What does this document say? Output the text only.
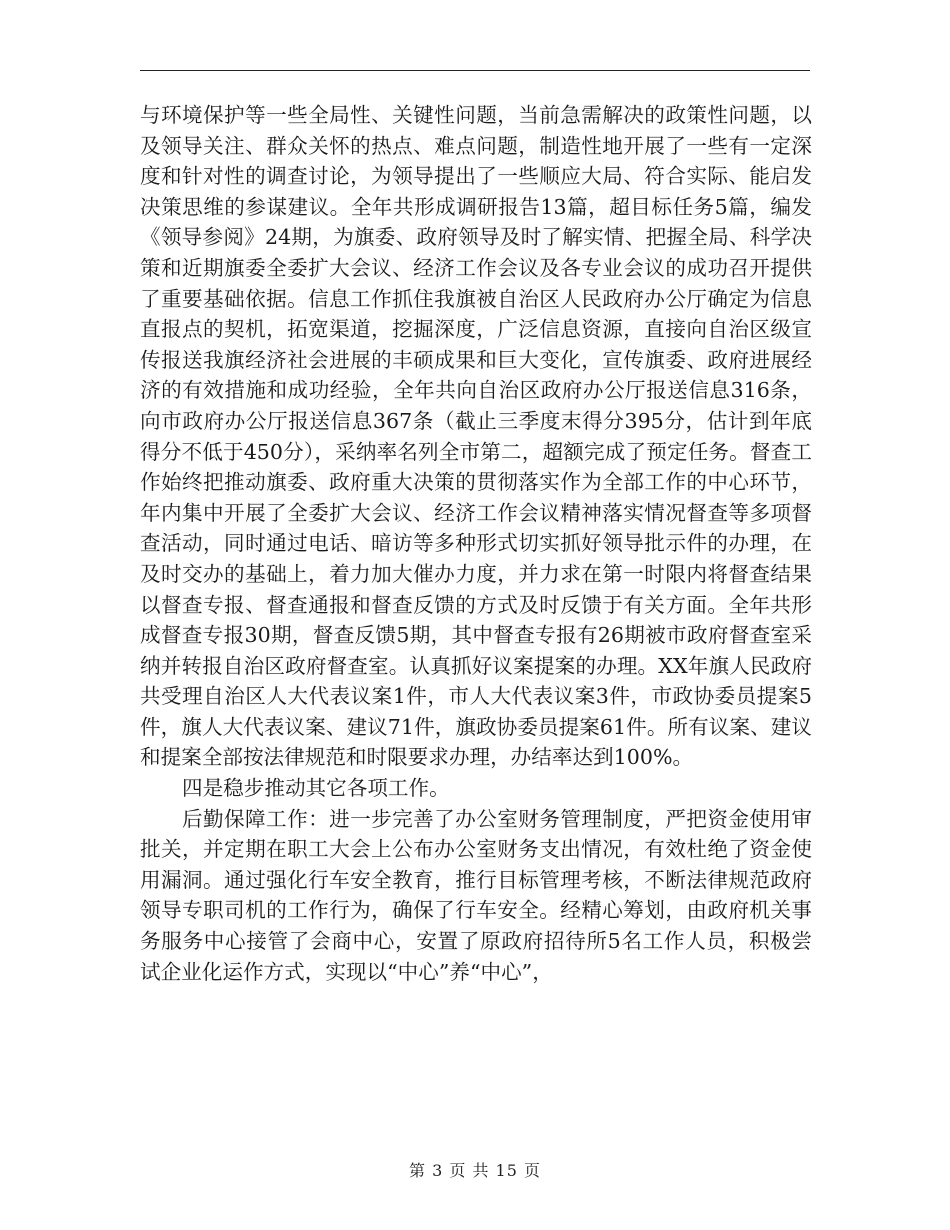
与环境保护等一些全局性、关键性问题，当前急需解决的政策性问题，以及领导关注、群众关怀的热点、难点问题，制造性地开展了一些有一定深度和针对性的调查讨论，为领导提出了一些顺应大局、符合实际、能启发决策思维的参谋建议。全年共形成调研报告13篇，超目标任务5篇，编发《领导参阅》24期，为旗委、政府领导及时了解实情、把握全局、科学决策和近期旗委全委扩大会议、经济工作会议及各专业会议的成功召开提供了重要基础依据。信息工作抓住我旗被自治区人民政府办公厅确定为信息直报点的契机，拓宽渠道，挖掘深度，广泛信息资源，直接向自治区级宣传报送我旗经济社会进展的丰硕成果和巨大变化，宣传旗委、政府进展经济的有效措施和成功经验，全年共向自治区政府办公厅报送信息316条，向市政府办公厅报送信息367条（截止三季度末得分395分，估计到年底得分不低于450分），采纳率名列全市第二，超额完成了预定任务。督查工作始终把推动旗委、政府重大决策的贯彻落实作为全部工作的中心环节，年内集中开展了全委扩大会议、经济工作会议精神落实情况督查等多项督查活动，同时通过电话、暗访等多种形式切实抓好领导批示件的办理，在及时交办的基础上，着力加大催办力度，并力求在第一时限内将督查结果以督查专报、督查通报和督查反馈的方式及时反馈于有关方面。全年共形成督查专报30期，督查反馈5期，其中督查专报有26期被市政府督查室采纳并转报自治区政府督查室。认真抓好议案提案的办理。XX年旗人民政府共受理自治区人大代表议案1件，市人大代表议案3件，市政协委员提案5件，旗人大代表议案、建议71件，旗政协委员提案61件。所有议案、建议和提案全部按法律规范和时限要求办理，办结率达到100%。

四是稳步推动其它各项工作。

后勤保障工作：进一步完善了办公室财务管理制度，严把资金使用审批关，并定期在职工大会上公布办公室财务支出情况，有效杜绝了资金使用漏洞。通过强化行车安全教育，推行目标管理考核，不断法律规范政府领导专职司机的工作行为，确保了行车安全。经精心筹划，由政府机关事务服务中心接管了会商中心，安置了原政府招待所5名工作人员，积极尝试企业化运作方式，实现以“中心”养“中心”，

第 3 页 共 15 页
